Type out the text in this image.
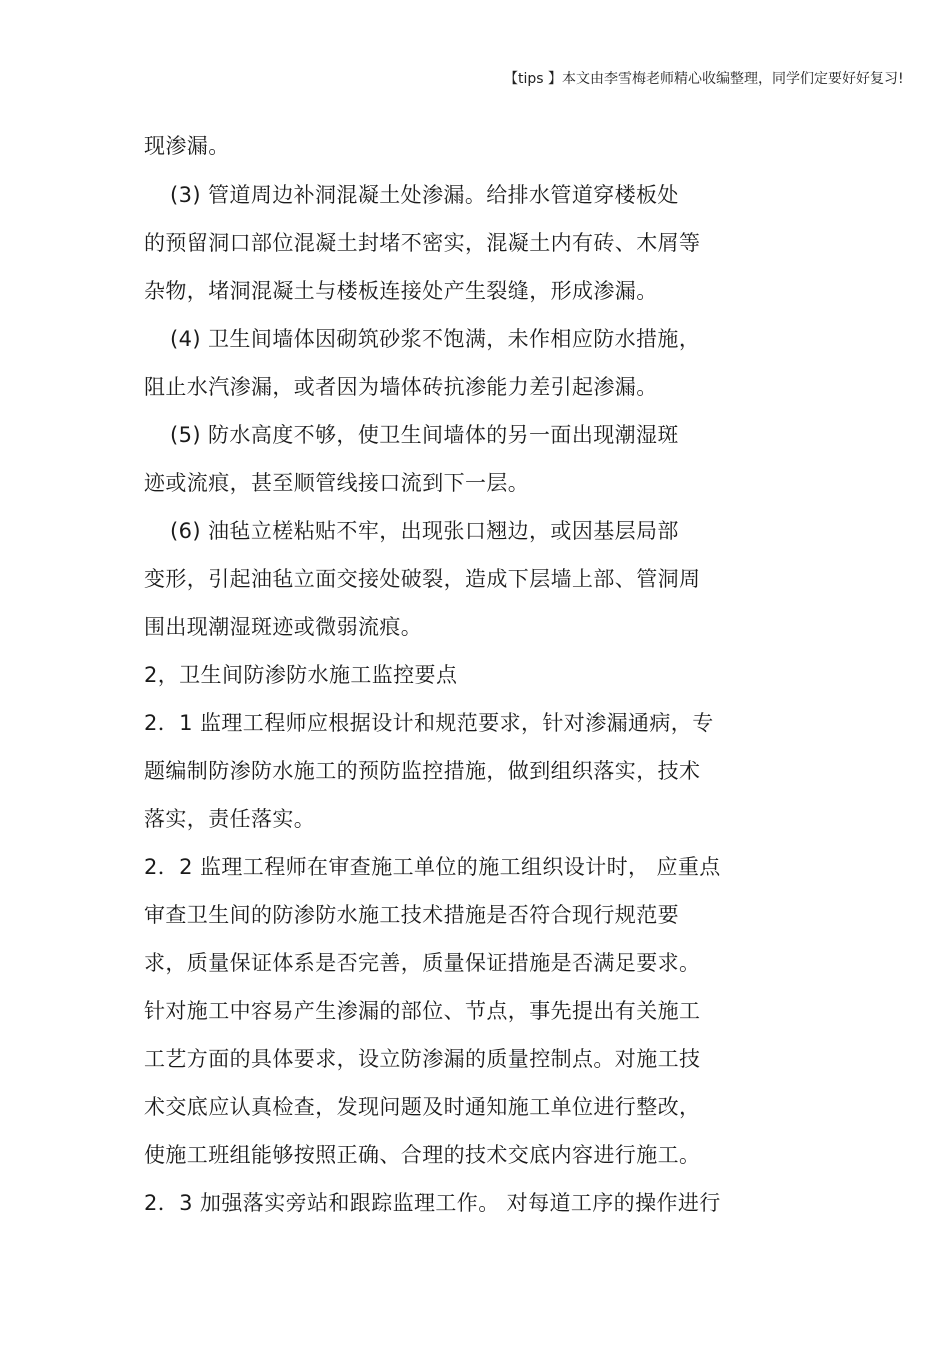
【tips 】本文由李雪梅老师精心收编整理，同学们定要好好复习!
现渗漏。
(3) 管道周边补洞混凝土处渗漏。给排水管道穿楼板处
的预留洞口部位混凝土封堵不密实，混凝土内有砖、木屑等
杂物，堵洞混凝土与楼板连接处产生裂缝，形成渗漏。
(4) 卫生间墙体因砌筑砂浆不饱满，未作相应防水措施，
阻止水汽渗漏，或者因为墙体砖抗渗能力差引起渗漏。
(5) 防水高度不够，使卫生间墙体的另一面出现潮湿斑
迹或流痕，甚至顺管线接口流到下一层。
(6) 油毡立槎粘贴不牢，出现张口翘边，或因基层局部
变形，引起油毡立面交接处破裂，造成下层墙上部、管洞周
围出现潮湿斑迹或微弱流痕。
2，卫生间防渗防水施工监控要点
2．1 监理工程师应根据设计和规范要求，针对渗漏通病，专
题编制防渗防水施工的预防监控措施，做到组织落实，技术
落实，责任落实。
2．2 监理工程师在审查施工单位的施工组织设计时， 应重点
审查卫生间的防渗防水施工技术措施是否符合现行规范要
求，质量保证体系是否完善，质量保证措施是否满足要求。
针对施工中容易产生渗漏的部位、节点，事先提出有关施工
工艺方面的具体要求，设立防渗漏的质量控制点。对施工技
术交底应认真检查，发现问题及时通知施工单位进行整改，
使施工班组能够按照正确、合理的技术交底内容进行施工。
2．3 加强落实旁站和跟踪监理工作。 对每道工序的操作进行
